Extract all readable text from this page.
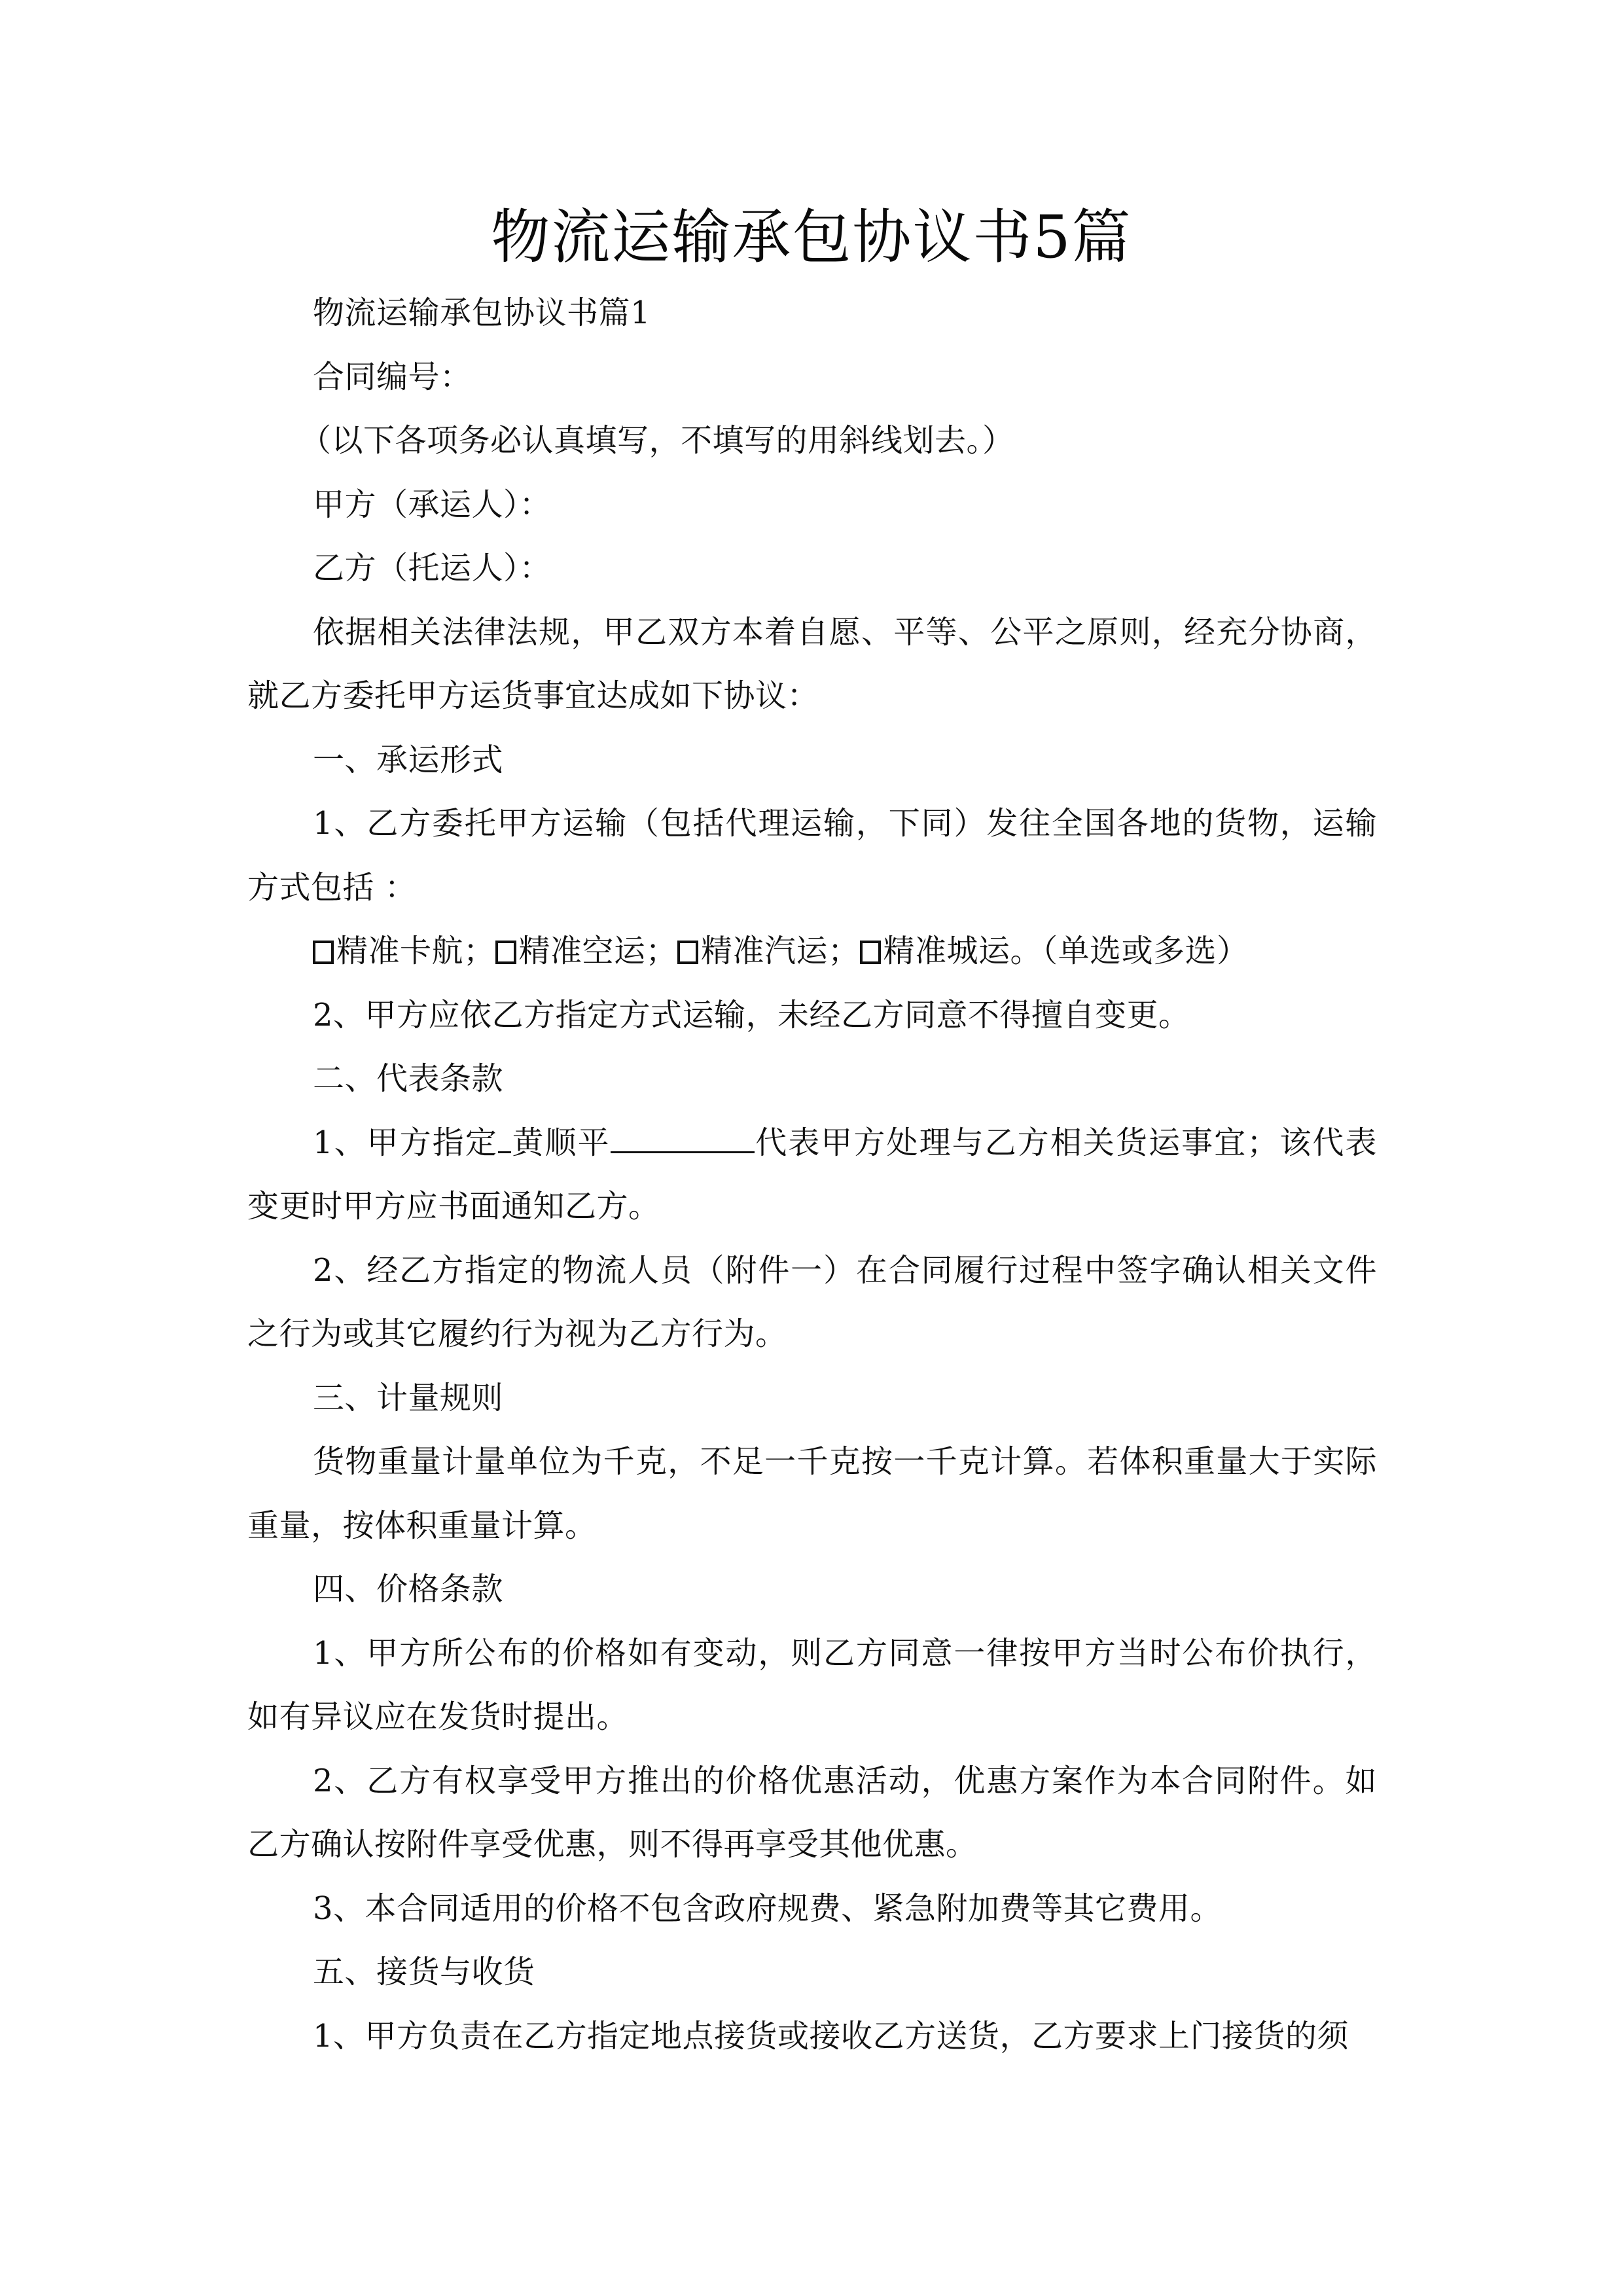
物流运输承包协议书5篇

物流运输承包协议书篇1

合同编号：

（以下各项务必认真填写，不填写的用斜线划去。）

甲方（承运人）：

乙方（托运人）：

依据相关法律法规，甲乙双方本着自愿、平等、公平之原则，经充分协商，就乙方委托甲方运货事宜达成如下协议：

一、承运形式

1、乙方委托甲方运输（包括代理运输，下同）发往全国各地的货物，运输方式包括 ：

精准卡航； 精准空运； 精准汽运； 精准城运。（单选或多选）

2、甲方应依乙方指定方式运输，未经乙方同意不得擅自变更。

二、代表条款

1、甲方指定 黄顺平	代表甲方处理与乙方相关货运事宜；该代表变更时甲方应书面通知乙方。

2、经乙方指定的物流人员（附件一）在合同履行过程中签字确认相关文件之行为或其它履约行为视为乙方行为。

三、计量规则

货物重量计量单位为千克，不足一千克按一千克计算。若体积重量大于实际重量，按体积重量计算。

四、价格条款

1、甲方所公布的价格如有变动，则乙方同意一律按甲方当时公布价执行，如有异议应在发货时提出。

2、乙方有权享受甲方推出的价格优惠活动，优惠方案作为本合同附件。如乙方确认按附件享受优惠，则不得再享受其他优惠。

3、本合同适用的价格不包含政府规费、紧急附加费等其它费用。

五、接货与收货

1、甲方负责在乙方指定地点接货或接收乙方送货，乙方要求上门接货的须
